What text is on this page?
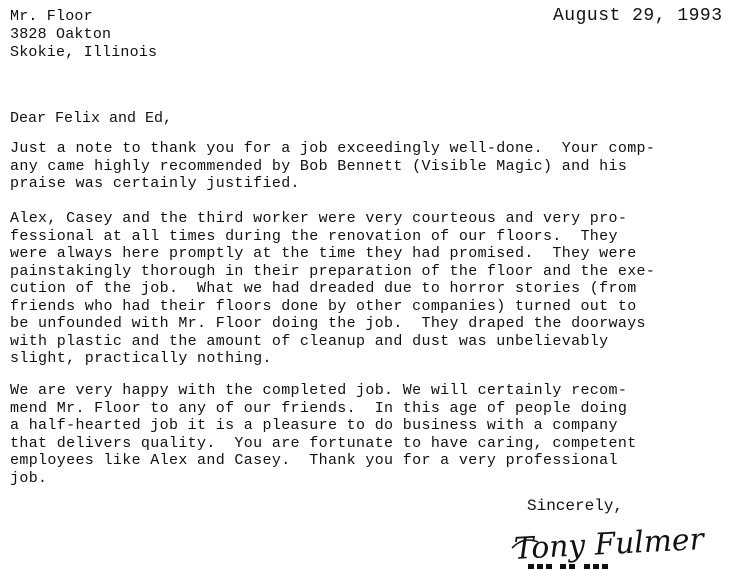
Mr. Floor
3828 Oakton
Skokie, Illinois
August 29, 1993
Dear Felix and Ed,
Just a note to thank you for a job exceedingly well-done.  Your comp-
any came highly recommended by Bob Bennett (Visible Magic) and his
praise was certainly justified.
Alex, Casey and the third worker were very courteous and very pro-
fessional at all times during the renovation of our floors.  They
were always here promptly at the time they had promised.  They were
painstakingly thorough in their preparation of the floor and the exe-
cution of the job.  What we had dreaded due to horror stories (from
friends who had their floors done by other companies) turned out to
be unfounded with Mr. Floor doing the job.  They draped the doorways
with plastic and the amount of cleanup and dust was unbelievably
slight, practically nothing.
We are very happy with the completed job. We will certainly recom-
mend Mr. Floor to any of our friends.  In this age of people doing
a half-hearted job it is a pleasure to do business with a company
that delivers quality.  You are fortunate to have caring, competent
employees like Alex and Casey.  Thank you for a very professional
job.
Sincerely,
Tony Fulmer
